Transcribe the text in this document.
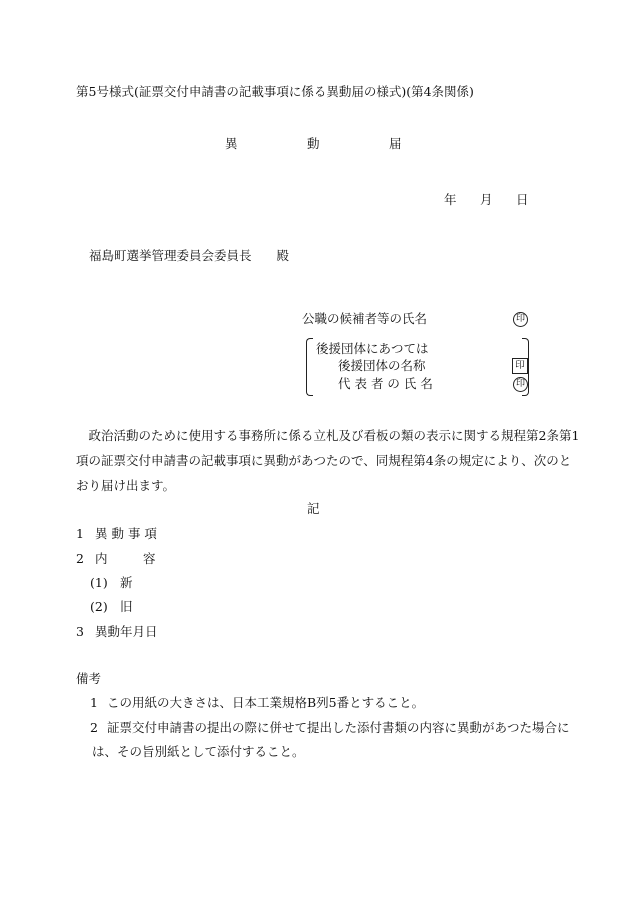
第5号様式(証票交付申請書の記載事項に係る異動届の様式)(第4条関係)
異	動	届
年 月 日
福島町選挙管理委員会委員長　　殿
公職の候補者等の氏名	印
後援団体にあつては
後援団体の名称	印
代 表 者 の 氏 名	印
　政治活動のために使用する事務所に係る立札及び看板の類の表示に関する規程第2条第1
項の証票交付申請書の記載事項に異動があつたので、同規程第4条の規定により、次のと
おり届け出ます。
記
1 異 動 事 項
2 内	容
(1) 新
(2) 旧
3 異動年月日
備考
1 この用紙の大きさは、日本工業規格B列5番とすること。
2 証票交付申請書の提出の際に併せて提出した添付書類の内容に異動があつた場合に
は、その旨別紙として添付すること。
